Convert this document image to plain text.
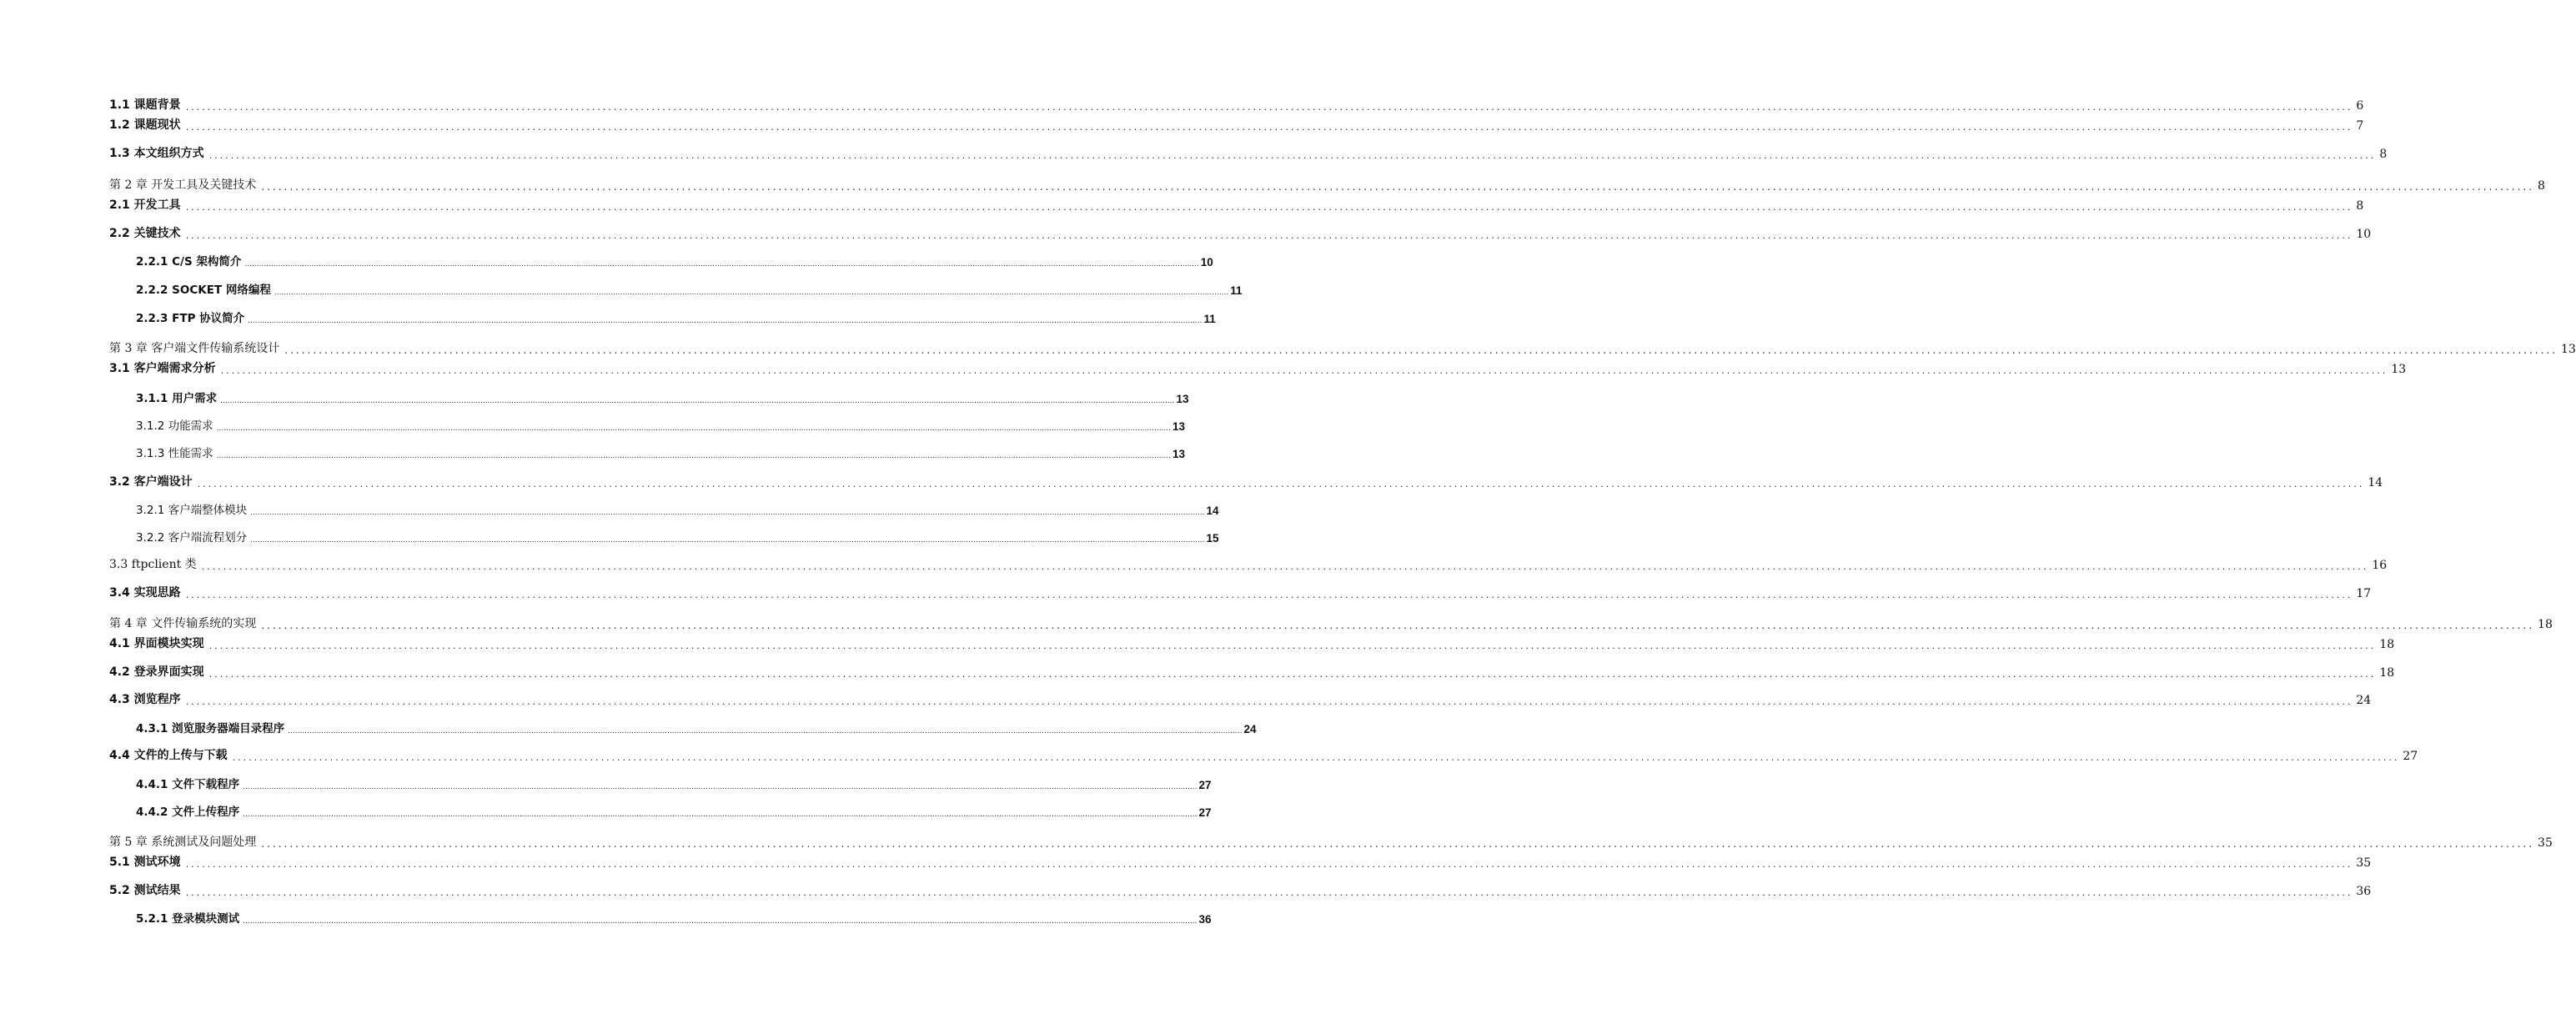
1.1 课题背景 ................................................................................................................................................................................................................................................................................................................................................................................................................ 6
1.2 课题现状 ................................................................................................................................................................................................................................................................................................................................................................................................................ 7
1.3 本文组织方式 ................................................................................................................................................................................................................................................................................................................................................................................................................ 8
第 2 章 开发工具及关键技术 ................................................................................................................................................................................................................................................................................................................................................................................................................ 8
2.1 开发工具 ................................................................................................................................................................................................................................................................................................................................................................................................................ 8
2.2 关键技术 ................................................................................................................................................................................................................................................................................................................................................................................................................ 10
2.2.1 C/S 架构简介 ................................................................................................................................................................................................................................................................................................................................................................................................................ 10
2.2.2 SOCKET 网络编程 ................................................................................................................................................................................................................................................................................................................................................................................................................ 11
2.2.3 FTP 协议简介 ................................................................................................................................................................................................................................................................................................................................................................................................................ 11
第 3 章 客户端文件传输系统设计 ................................................................................................................................................................................................................................................................................................................................................................................................................ 13
3.1 客户端需求分析 ................................................................................................................................................................................................................................................................................................................................................................................................................ 13
3.1.1 用户需求 ................................................................................................................................................................................................................................................................................................................................................................................................................ 13
3.1.2 功能需求 ................................................................................................................................................................................................................................................................................................................................................................................................................ 13
3.1.3 性能需求 ................................................................................................................................................................................................................................................................................................................................................................................................................ 13
3.2 客户端设计 ................................................................................................................................................................................................................................................................................................................................................................................................................ 14
3.2.1 客户端整体模块 ................................................................................................................................................................................................................................................................................................................................................................................................................ 14
3.2.2 客户端流程划分 ................................................................................................................................................................................................................................................................................................................................................................................................................ 15
3.3 ftpclient 类 ................................................................................................................................................................................................................................................................................................................................................................................................................ 16
3.4 实现思路 ................................................................................................................................................................................................................................................................................................................................................................................................................ 17
第 4 章 文件传输系统的实现 ................................................................................................................................................................................................................................................................................................................................................................................................................ 18
4.1 界面模块实现 ................................................................................................................................................................................................................................................................................................................................................................................................................ 18
4.2 登录界面实现 ................................................................................................................................................................................................................................................................................................................................................................................................................ 18
4.3 浏览程序 ................................................................................................................................................................................................................................................................................................................................................................................................................ 24
4.3.1 浏览服务器端目录程序 ................................................................................................................................................................................................................................................................................................................................................................................................................ 24
4.4 文件的上传与下载 ................................................................................................................................................................................................................................................................................................................................................................................................................ 27
4.4.1 文件下载程序 ................................................................................................................................................................................................................................................................................................................................................................................................................ 27
4.4.2 文件上传程序 ................................................................................................................................................................................................................................................................................................................................................................................................................ 27
第 5 章 系统测试及问题处理 ................................................................................................................................................................................................................................................................................................................................................................................................................ 35
5.1 测试环境 ................................................................................................................................................................................................................................................................................................................................................................................................................ 35
5.2 测试结果 ................................................................................................................................................................................................................................................................................................................................................................................................................ 36
5.2.1 登录模块测试 ................................................................................................................................................................................................................................................................................................................................................................................................................ 36
